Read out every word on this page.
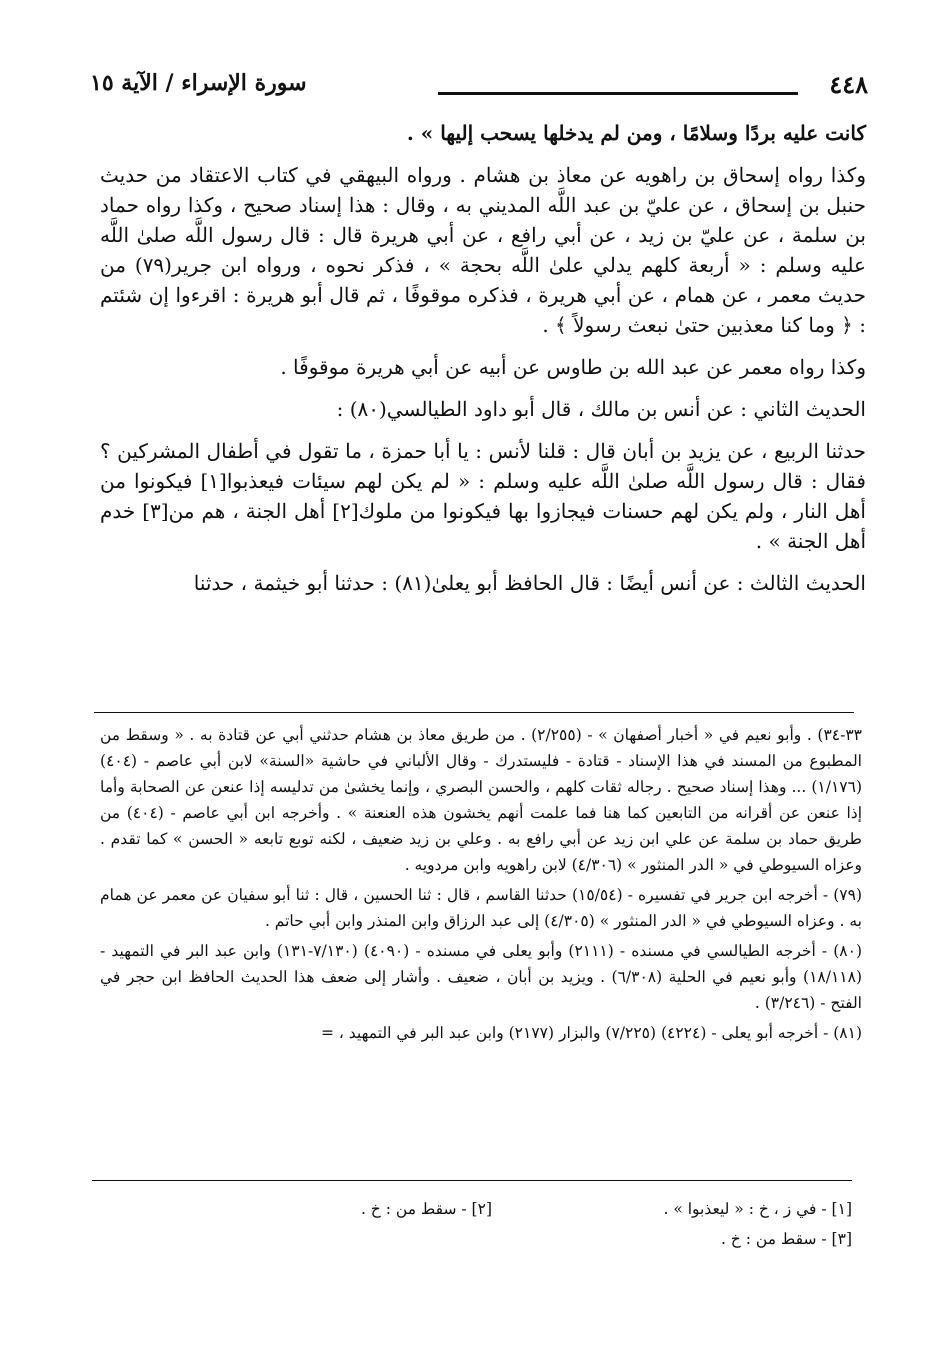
٤٤٨
سورة الإسراء / الآية ١٥

كانت عليه بردًا وسلامًا ، ومن لم يدخلها يسحب إليها » .

وكذا رواه إسحاق بن راهويه عن معاذ بن هشام . ورواه البيهقي في كتاب الاعتقاد من حديث حنبل بن إسحاق ، عن عليّ بن عبد اللَّه المديني به ، وقال : هذا إسناد صحيح ، وكذا رواه حماد بن سلمة ، عن عليّ بن زيد ، عن أبي رافع ، عن أبي هريرة قال : قال رسول اللَّه صلىٰ اللَّه عليه وسلم : « أربعة كلهم يدلي علىٰ اللَّه بحجة » ، فذكر نحوه ، ورواه ابن جرير(٧٩) من حديث معمر ، عن همام ، عن أبي هريرة ، فذكره موقوفًا ، ثم قال أبو هريرة : اقرءوا إن شئتم : ﴿ وما كنا معذبين حتىٰ نبعث رسولاً ﴾ .

وكذا رواه معمر عن عبد الله بن طاوس عن أبيه عن أبي هريرة موقوفًا .

الحديث الثاني : عن أنس بن مالك ، قال أبو داود الطيالسي(٨٠) :

حدثنا الربيع ، عن يزيد بن أبان قال : قلنا لأنس : يا أبا حمزة ، ما تقول في أطفال المشركين ؟ فقال : قال رسول اللَّه صلىٰ اللَّه عليه وسلم : « لم يكن لهم سيئات فيعذبوا[١] فيكونوا من أهل النار ، ولم يكن لهم حسنات فيجازوا بها فيكونوا من ملوك[٢] أهل الجنة ، هم من[٣] خدم أهل الجنة » .

الحديث الثالث : عن أنس أيضًا : قال الحافظ أبو يعلىٰ(٨١) : حدثنا أبو خيثمة ، حدثنا

٣٣-٣٤) . وأبو نعيم في « أخبار أصفهان » - (٢/٢٥٥) . من طريق معاذ بن هشام حدثني أبي عن قتادة به . « وسقط من المطبوع من المسند في هذا الإسناد - قتادة - فليستدرك - وقال الألباني في حاشية «السنة» لابن أبي عاصم - (٤٠٤) (١/١٧٦) ... وهذا إسناد صحيح . رجاله ثقات كلهم ، والحسن البصري ، وإنما يخشىٰ من تدليسه إذا عنعن عن الصحابة وأما إذا عنعن عن أقرانه من التابعين كما هنا فما علمت أنهم يخشون هذه العنعنة » . وأخرجه ابن أبي عاصم - (٤٠٤) من طريق حماد بن سلمة عن علي ابن زيد عن أبي رافع به . وعلي بن زيد ضعيف ، لكنه توبع تابعه « الحسن » كما تقدم . وعزاه السيوطي في « الدر المنثور » (٤/٣٠٦) لابن راهويه وابن مردويه .

(٧٩) - أخرجه ابن جرير في تفسيره - (١٥/٥٤) حدثنا القاسم ، قال : ثنا الحسين ، قال : ثنا أبو سفيان عن معمر عن همام به . وعزاه السيوطي في « الدر المنثور » (٤/٣٠٥) إلى عبد الرزاق وابن المنذر وابن أبي حاتم .

(٨٠) - أخرجه الطيالسي في مسنده - (٢١١١) وأبو يعلى في مسنده - (٤٠٩٠) (٧/١٣٠-١٣١) وابن عبد البر في التمهيد - (١٨/١١٨) وأبو نعيم في الحلية (٦/٣٠٨) . ويزيد بن أبان ، ضعيف . وأشار إلى ضعف هذا الحديث الحافظ ابن حجر في الفتح - (٣/٢٤٦) .

(٨١) - أخرجه أبو يعلى - (٤٢٢٤) (٧/٢٢٥) والبزار (٢١٧٧) وابن عبد البر في التمهيد ، =

[١] - في ز ، خ : « ليعذبوا » .
[٢] - سقط من : خ .
[٣] - سقط من : خ .
